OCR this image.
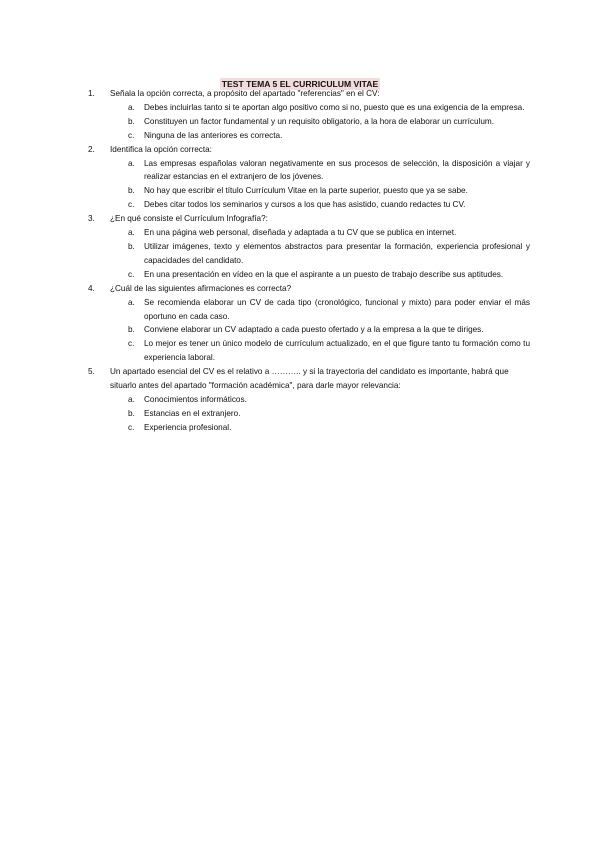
TEST TEMA 5 EL CURRICULUM VITAE
1. Señala la opción correcta, a propósito del apartado "referencias" en el CV:
a. Debes incluirlas tanto si te aportan algo positivo como si no, puesto que es una exigencia de la empresa.
b. Constituyen un factor fundamental y un requisito obligatorio, a la hora de elaborar un currículum.
c. Ninguna de las anteriores es correcta.
2. Identifica la opción correcta:
a. Las empresas españolas valoran negativamente en sus procesos de selección, la disposición a viajar y realizar estancias en el extranjero de los jóvenes.
b. No hay que escribir el título Currículum Vitae en la parte superior, puesto que ya se sabe.
c. Debes citar todos los seminarios y cursos a los que has asistido, cuando redactes tu CV.
3. ¿En qué consiste el Currículum Infografía?:
a. En una página web personal, diseñada y adaptada a tu CV que se publica en internet.
b. Utilizar imágenes, texto y elementos abstractos para presentar la formación, experiencia profesional y capacidades del candidato.
c. En una presentación en vídeo en la que el aspirante a un puesto de trabajo describe sus aptitudes.
4. ¿Cuál de las siguientes afirmaciones es correcta?
a. Se recomienda elaborar un CV de cada tipo (cronológico, funcional y mixto) para poder enviar el más oportuno en cada caso.
b. Conviene elaborar un CV adaptado a cada puesto ofertado y a la empresa a la que te diriges.
c. Lo mejor es tener un único modelo de currículum actualizado, en el que figure tanto tu formación como tu experiencia laboral.
5. Un apartado esencial del CV es el relativo a ……….. y si la trayectoria del candidato es importante, habrá que situarlo antes del apartado "formación académica", para darle mayor relevancia:
a. Conocimientos informáticos.
b. Estancias en el extranjero.
c. Experiencia profesional.
